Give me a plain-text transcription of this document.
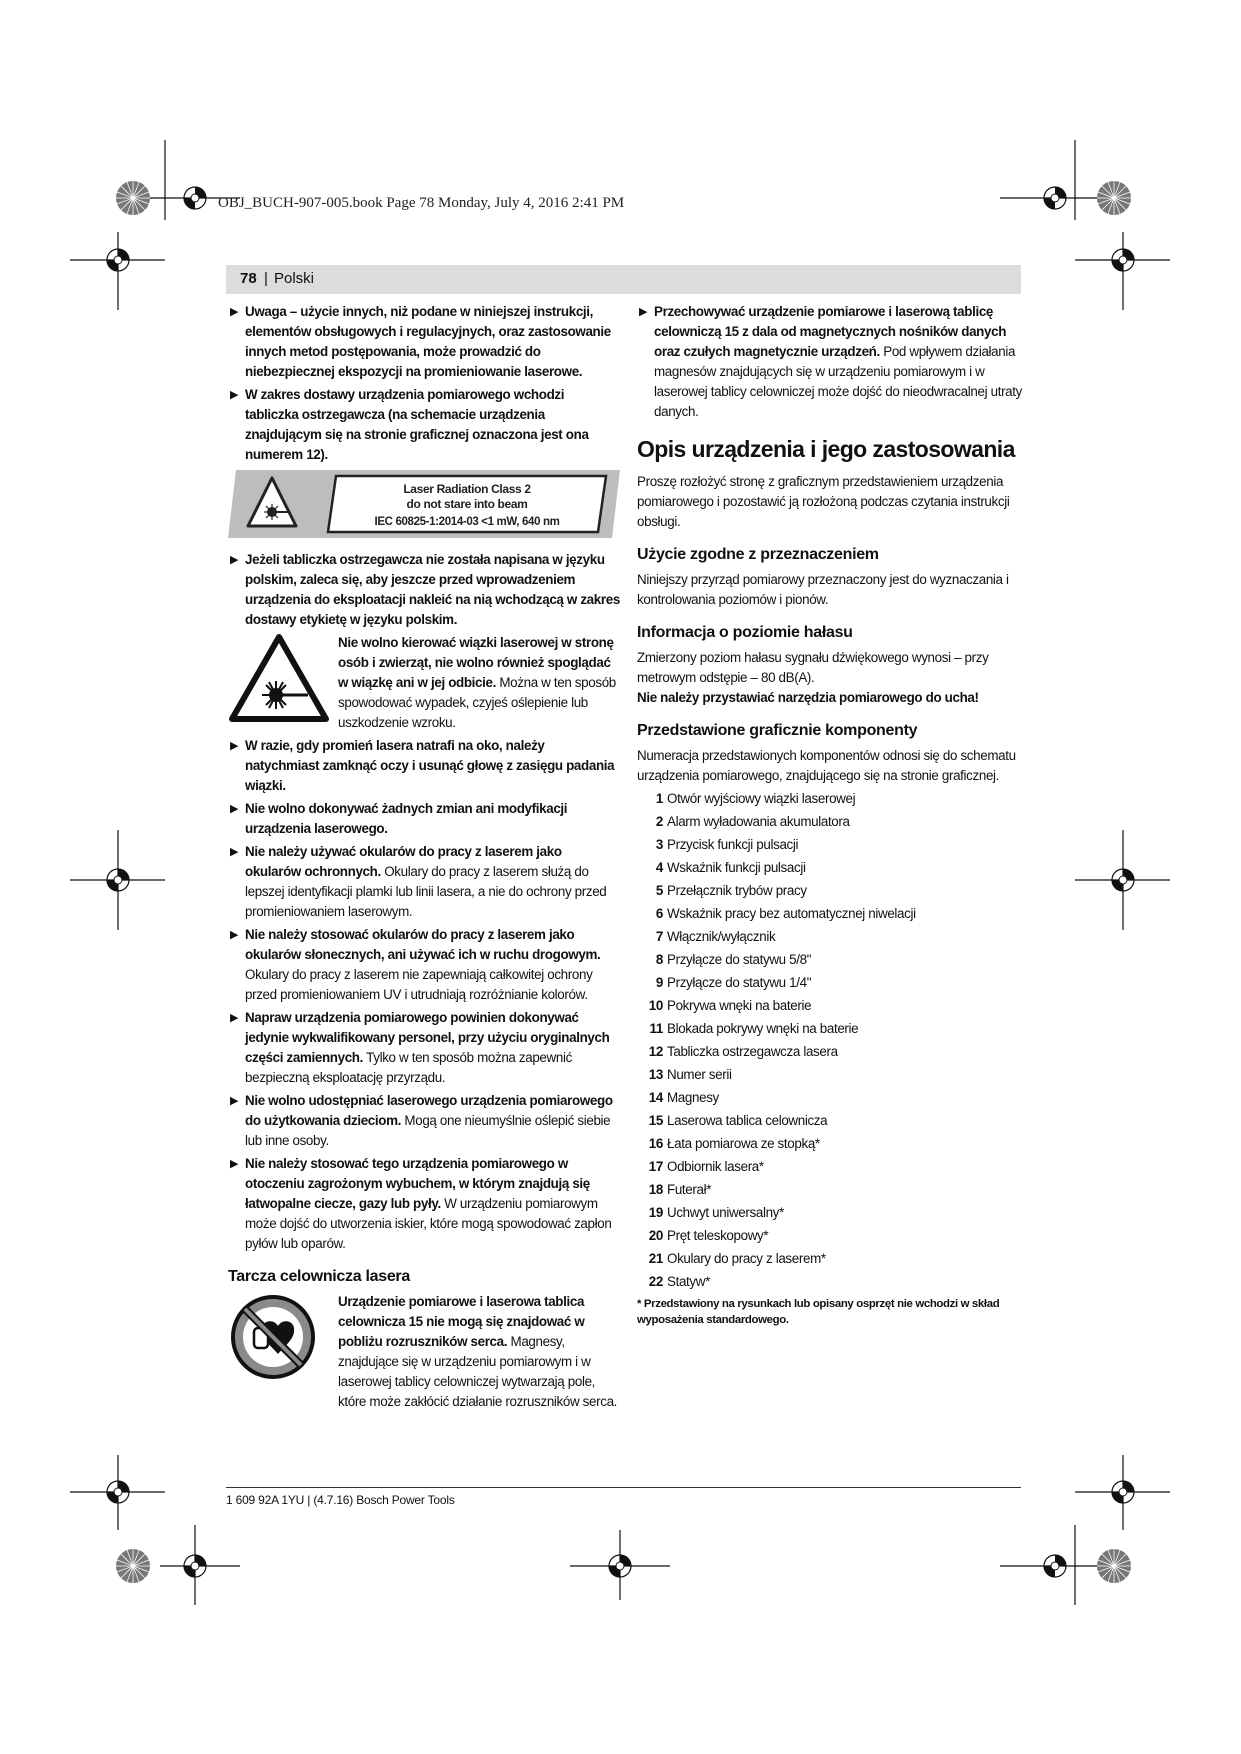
OBJ_BUCH-907-005.book Page 78 Monday, July 4, 2016 2:41 PM
78 | Polski
▶ Uwaga – użycie innych, niż podane w niniejszej instrukcji, elementów obsługowych i regulacyjnych, oraz zastosowanie innych metod postępowania, może prowadzić do niebezpiecznej ekspozycji na promieniowanie laserowe.
▶ W zakres dostawy urządzenia pomiarowego wchodzi tabliczka ostrzegawcza (na schemacie urządzenia znajdującym się na stronie graficznej oznaczona jest ona numerem 12).
Laser Radiation Class 2
do not stare into beam
IEC 60825-1:2014-03 <1 mW, 640 nm
▶ Jeżeli tabliczka ostrzegawcza nie została napisana w języku polskim, zaleca się, aby jeszcze przed wprowadzeniem urządzenia do eksploatacji nakleić na nią wchodzącą w zakres dostawy etykietę w języku polskim.
Nie wolno kierować wiązki laserowej w stronę osób i zwierząt, nie wolno również spoglądać w wiązkę ani w jej odbicie. Można w ten sposób spowodować wypadek, czyjeś oślepienie lub uszkodzenie wzroku.
▶ W razie, gdy promień lasera natrafi na oko, należy natychmiast zamknąć oczy i usunąć głowę z zasięgu padania wiązki.
▶ Nie wolno dokonywać żadnych zmian ani modyfikacji urządzenia laserowego.
▶ Nie należy używać okularów do pracy z laserem jako okularów ochronnych. Okulary do pracy z laserem służą do lepszej identyfikacji plamki lub linii lasera, a nie do ochrony przed promieniowaniem laserowym.
▶ Nie należy stosować okularów do pracy z laserem jako okularów słonecznych, ani używać ich w ruchu drogowym. Okulary do pracy z laserem nie zapewniają całkowitej ochrony przed promieniowaniem UV i utrudniają rozróżnianie kolorów.
▶ Napraw urządzenia pomiarowego powinien dokonywać jedynie wykwalifikowany personel, przy użyciu oryginalnych części zamiennych. Tylko w ten sposób można zapewnić bezpieczną eksploatację przyrządu.
▶ Nie wolno udostępniać laserowego urządzenia pomiarowego do użytkowania dzieciom. Mogą one nieumyślnie oślepić siebie lub inne osoby.
▶ Nie należy stosować tego urządzenia pomiarowego w otoczeniu zagrożonym wybuchem, w którym znajdują się łatwopalne ciecze, gazy lub pyły. W urządzeniu pomiarowym może dojść do utworzenia iskier, które mogą spowodować zapłon pyłów lub oparów.
Tarcza celownicza lasera
Urządzenie pomiarowe i laserowa tablica celownicza 15 nie mogą się znajdować w pobliżu rozruszników serca. Magnesy, znajdujące się w urządzeniu pomiarowym i w laserowej tablicy celowniczej wytwarzają pole, które może zakłócić działanie rozruszników serca.
▶ Przechowywać urządzenie pomiarowe i laserową tablicę celowniczą 15 z dala od magnetycznych nośników danych oraz czułych magnetycznie urządzeń. Pod wpływem działania magnesów znajdujących się w urządzeniu pomiarowym i w laserowej tablicy celowniczej może dojść do nieodwracalnej utraty danych.
Opis urządzenia i jego zastosowania
Proszę rozłożyć stronę z graficznym przedstawieniem urządzenia pomiarowego i pozostawić ją rozłożoną podczas czytania instrukcji obsługi.
Użycie zgodne z przeznaczeniem
Niniejszy przyrząd pomiarowy przeznaczony jest do wyznaczania i kontrolowania poziomów i pionów.
Informacja o poziomie hałasu
Zmierzony poziom hałasu sygnału dźwiękowego wynosi – przy metrowym odstępie – 80 dB(A).
Nie należy przystawiać narzędzia pomiarowego do ucha!
Przedstawione graficznie komponenty
Numeracja przedstawionych komponentów odnosi się do schematu urządzenia pomiarowego, znajdującego się na stronie graficznej.
1 Otwór wyjściowy wiązki laserowej
2 Alarm wyładowania akumulatora
3 Przycisk funkcji pulsacji
4 Wskaźnik funkcji pulsacji
5 Przełącznik trybów pracy
6 Wskaźnik pracy bez automatycznej niwelacji
7 Włącznik/wyłącznik
8 Przyłącze do statywu 5/8"
9 Przyłącze do statywu 1/4"
10 Pokrywa wnęki na baterie
11 Blokada pokrywy wnęki na baterie
12 Tabliczka ostrzegawcza lasera
13 Numer serii
14 Magnesy
15 Laserowa tablica celownicza
16 Łata pomiarowa ze stopką*
17 Odbiornik lasera*
18 Futerał*
19 Uchwyt uniwersalny*
20 Pręt teleskopowy*
21 Okulary do pracy z laserem*
22 Statyw*
* Przedstawiony na rysunkach lub opisany osprzęt nie wchodzi w skład wyposażenia standardowego.
1 609 92A 1YU | (4.7.16) Bosch Power Tools
